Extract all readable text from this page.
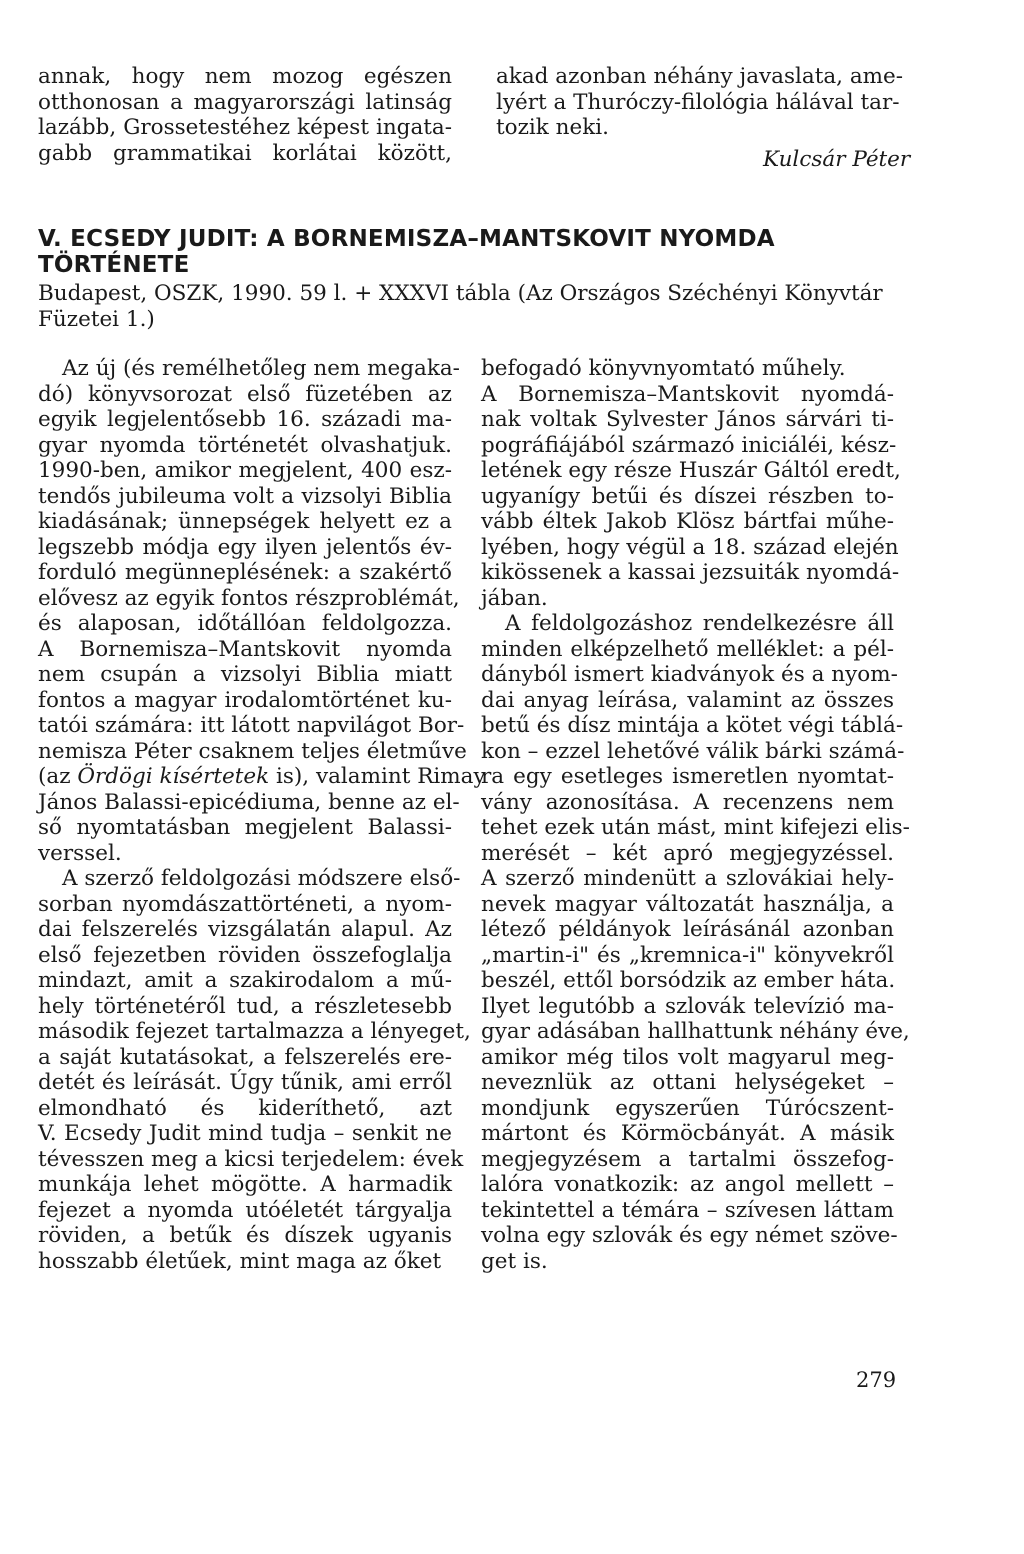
annak, hogy nem mozog egészen
otthonosan a magyarországi latinság
lazább, Grossetestéhez képest ingata-
gabb grammatikai korlátai között,
akad azonban néhány javaslata, ame-
lyért a Thuróczy-filológia hálával tar-
tozik neki.
Kulcsár Péter
V. ECSEDY JUDIT: A BORNEMISZA–MANTSKOVIT NYOMDA
TÖRTÉNETE
Budapest, OSZK, 1990. 59 l. + XXXVI tábla (Az Országos Széchényi Könyvtár
Füzetei 1.)
Az új (és remélhetőleg nem megaka-
dó) könyvsorozat első füzetében az
egyik legjelentősebb 16. századi ma-
gyar nyomda történetét olvashatjuk.
1990-ben, amikor megjelent, 400 esz-
tendős jubileuma volt a vizsolyi Biblia
kiadásának; ünnepségek helyett ez a
legszebb módja egy ilyen jelentős év-
forduló megünneplésének: a szakértő
elővesz az egyik fontos részproblémát,
és alaposan, időtállóan feldolgozza.
A Bornemisza–Mantskovit nyomda
nem csupán a vizsolyi Biblia miatt
fontos a magyar irodalomtörténet ku-
tatói számára: itt látott napvilágot Bor-
nemisza Péter csaknem teljes életműve
(az Ördögi kísértetek is), valamint Rimay
János Balassi-epicédiuma, benne az el-
ső nyomtatásban megjelent Balassi-
verssel.
A szerző feldolgozási módszere első-
sorban nyomdászattörténeti, a nyom-
dai felszerelés vizsgálatán alapul. Az
első fejezetben röviden összefoglalja
mindazt, amit a szakirodalom a mű-
hely történetéről tud, a részletesebb
második fejezet tartalmazza a lényeget,
a saját kutatásokat, a felszerelés ere-
detét és leírását. Úgy tűnik, ami erről
elmondható és kideríthető, azt
V. Ecsedy Judit mind tudja – senkit ne
tévesszen meg a kicsi terjedelem: évek
munkája lehet mögötte. A harmadik
fejezet a nyomda utóéletét tárgyalja
röviden, a betűk és díszek ugyanis
hosszabb életűek, mint maga az őket
befogadó könyvnyomtató műhely.
A Bornemisza–Mantskovit nyomdá-
nak voltak Sylvester János sárvári ti-
pográfiájából származó iniciáléi, kész-
letének egy része Huszár Gáltól eredt,
ugyanígy betűi és díszei részben to-
vább éltek Jakob Klösz bártfai műhe-
lyében, hogy végül a 18. század elején
kikössenek a kassai jezsuiták nyomdá-
jában.
A feldolgozáshoz rendelkezésre áll
minden elképzelhető melléklet: a pél-
dányból ismert kiadványok és a nyom-
dai anyag leírása, valamint az összes
betű és dísz mintája a kötet végi táblá-
kon – ezzel lehetővé válik bárki számá-
ra egy esetleges ismeretlen nyomtat-
vány azonosítása. A recenzens nem
tehet ezek után mást, mint kifejezi elis-
merését – két apró megjegyzéssel.
A szerző mindenütt a szlovákiai hely-
nevek magyar változatát használja, a
létező példányok leírásánál azonban
„martin-i" és „kremnica-i" könyvekről
beszél, ettől borsódzik az ember háta.
Ilyet legutóbb a szlovák televízió ma-
gyar adásában hallhattunk néhány éve,
amikor még tilos volt magyarul meg-
neveznlük az ottani helységeket –
mondjunk egyszerűen Túrócszent-
mártont és Körmöcbányát. A másik
megjegyzésem a tartalmi összefog-
lalóra vonatkozik: az angol mellett –
tekintettel a témára – szívesen láttam
volna egy szlovák és egy német szöve-
get is.
279
